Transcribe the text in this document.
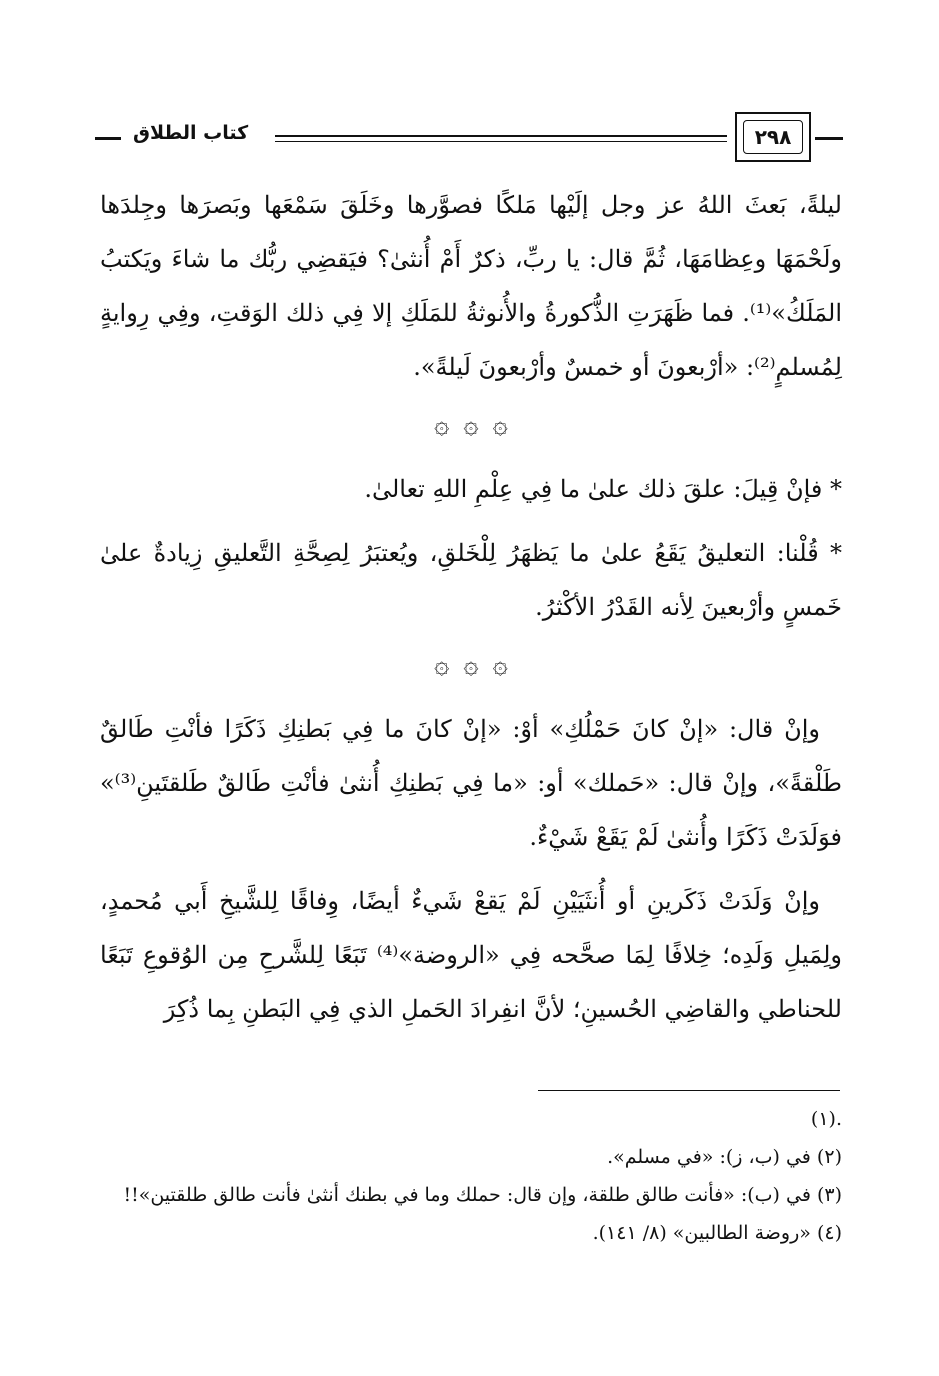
كتاب الطلاق	٢٩٨

ليلةً، بَعثَ اللهُ عز وجل إلَيْها مَلكًا فصوَّرها وخَلَقَ سَمْعَها وبَصرَها وجِلدَها ولَحْمَهَا وعِظامَهَا، ثُمَّ قال: يا ربِّ، ذكرٌ أَمْ أُنثىٰ؟ فيَقضِي ربُّك ما شاءَ ويَكتبُ المَلَكُ»⁽¹⁾. فما ظَهَرَتِ الذُّكورةُ والأُنوثةُ للمَلَكِ إلا فِي ذلك الوَقتِ، وفِي رِوايةٍ لِمُسلمٍ⁽²⁾: «أرْبعونَ أو خمسٌ وأرْبعونَ لَيلةً».

۞ ۞ ۞

* فإنْ قِيلَ: علقَ ذلك علىٰ ما فِي عِلْمِ اللهِ تعالىٰ.

* قُلْنا: التعليقُ يَقَعُ علىٰ ما يَظهَرُ لِلْخَلقِ، ويُعتبَرُ لِصِحَّةِ التَّعليقِ زِيادةٌ علىٰ خَمسٍ وأرْبعينَ لِأنه القَدْرُ الأكْثرُ.

۞ ۞ ۞

وإنْ قال: «إنْ كانَ حَمْلُكِ» أوْ: «إنْ كانَ ما فِي بَطنِكِ ذَكَرًا فأنْتِ طَالقٌ طَلْقةً»، وإنْ قال: «حَملك» أو: «ما فِي بَطنِكِ أُنثىٰ فأنْتِ طَالقٌ طَلقتَينِ⁽³⁾» فوَلَدَتْ ذَكَرًا وأُنثىٰ لَمْ يَقَعْ شَيْءٌ.

وإنْ وَلَدَتْ ذَكَرينِ أو أُنثَيَيْنِ لَمْ يَقعْ شَيءٌ أيضًا، وِفاقًا لِلشَّيخِ أَبي مُحمدٍ، ولِمَيلِ وَلَدِه؛ خِلافًا لِمَا صحَّحه فِي «الروضة»⁽⁴⁾ تَبَعًا لِلشَّرحِ مِن الوُقوعِ تَبَعًا للحناطي والقاضِي الحُسينِ؛ لأنَّ انفِرادَ الحَملِ الذي فِي البَطنِ بِما ذُكِرَ

.(١)

(٢) في (ب، ز): «في مسلم».

(٣) في (ب): «فأنت طالق طلقة، وإن قال: حملك وما في بطنك أنثىٰ فأنت طالق طلقتين»!!

(٤) «روضة الطالبين» (٨/ ١٤١).
